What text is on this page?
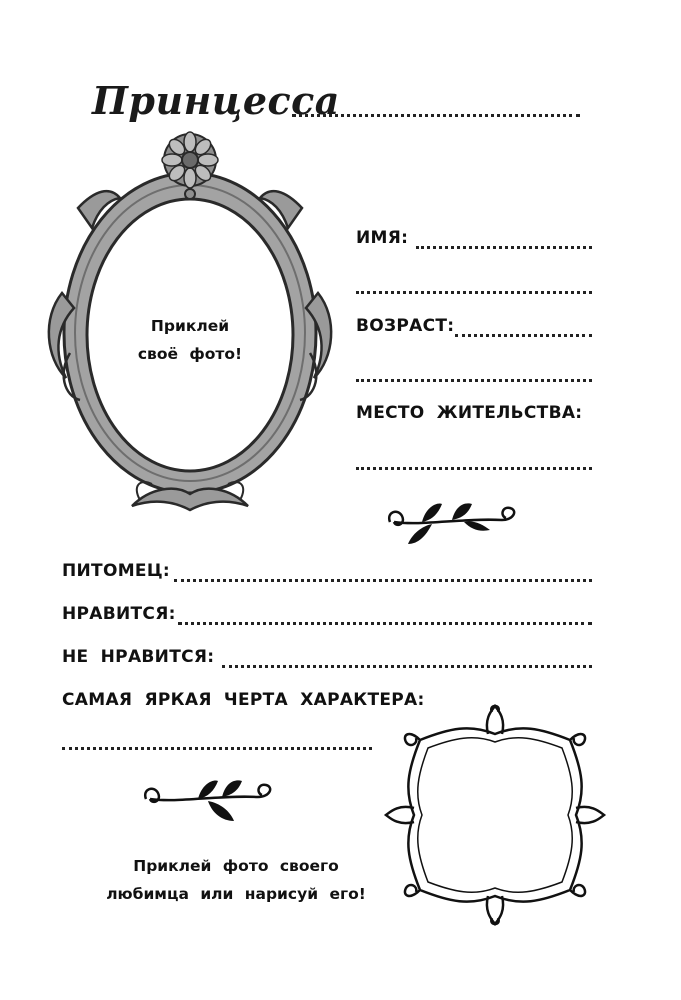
Принцесса
Приклей
своё фото!
ИМЯ:
ВОЗРАСТ:
МЕСТО ЖИТЕЛЬСТВА:
ПИТОМЕЦ:
НРАВИТСЯ:
НЕ НРАВИТСЯ:
САМАЯ ЯРКАЯ ЧЕРТА ХАРАКТЕРА:
Приклей фото своего
любимца или нарисуй его!
